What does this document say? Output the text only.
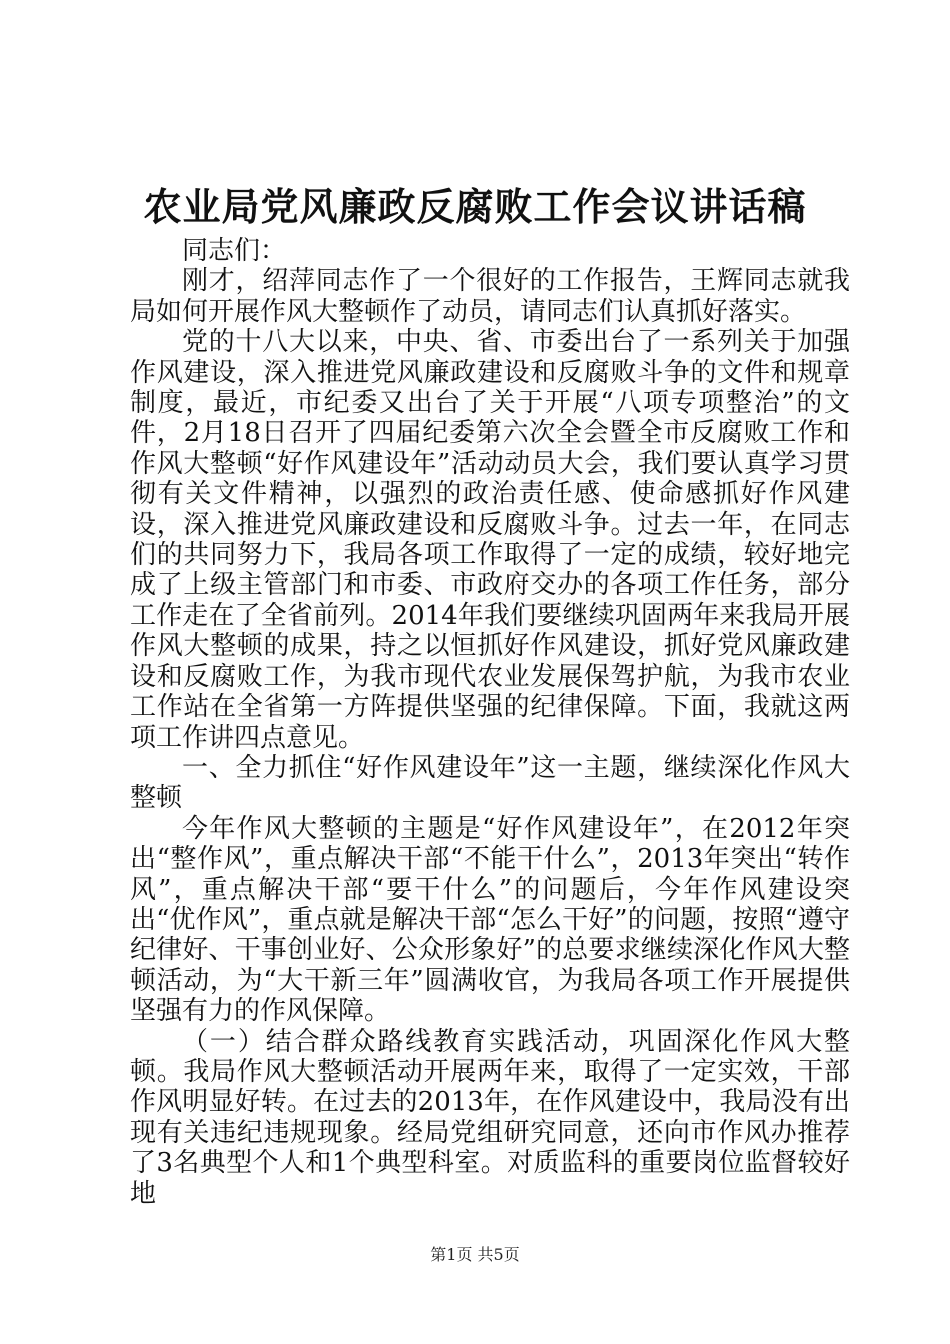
农业局党风廉政反腐败工作会议讲话稿

同志们：

刚才，绍萍同志作了一个很好的工作报告，王辉同志就我局如何开展作风大整顿作了动员，请同志们认真抓好落实。

党的十八大以来，中央、省、市委出台了一系列关于加强作风建设，深入推进党风廉政建设和反腐败斗争的文件和规章制度，最近，市纪委又出台了关于开展“八项专项整治”的文件，2月18日召开了四届纪委第六次全会暨全市反腐败工作和作风大整顿“好作风建设年”活动动员大会，我们要认真学习贯彻有关文件精神，以强烈的政治责任感、使命感抓好作风建设，深入推进党风廉政建设和反腐败斗争。过去一年，在同志们的共同努力下，我局各项工作取得了一定的成绩，较好地完成了上级主管部门和市委、市政府交办的各项工作任务，部分工作走在了全省前列。2014年我们要继续巩固两年来我局开展作风大整顿的成果，持之以恒抓好作风建设，抓好党风廉政建设和反腐败工作，为我市现代农业发展保驾护航，为我市农业工作站在全省第一方阵提供坚强的纪律保障。下面，我就这两项工作讲四点意见。

一、全力抓住“好作风建设年”这一主题，继续深化作风大整顿

今年作风大整顿的主题是“好作风建设年”，在2012年突出“整作风”，重点解决干部“不能干什么”，2013年突出“转作风”，重点解决干部“要干什么”的问题后，今年作风建设突出“优作风”，重点就是解决干部“怎么干好”的问题，按照“遵守纪律好、干事创业好、公众形象好”的总要求继续深化作风大整顿活动，为“大干新三年”圆满收官，为我局各项工作开展提供坚强有力的作风保障。

（一）结合群众路线教育实践活动，巩固深化作风大整顿。我局作风大整顿活动开展两年来，取得了一定实效，干部作风明显好转。在过去的2013年，在作风建设中，我局没有出现有关违纪违规现象。经局党组研究同意，还向市作风办推荐了3名典型个人和1个典型科室。对质监科的重要岗位监督较好地

第1页 共5页
